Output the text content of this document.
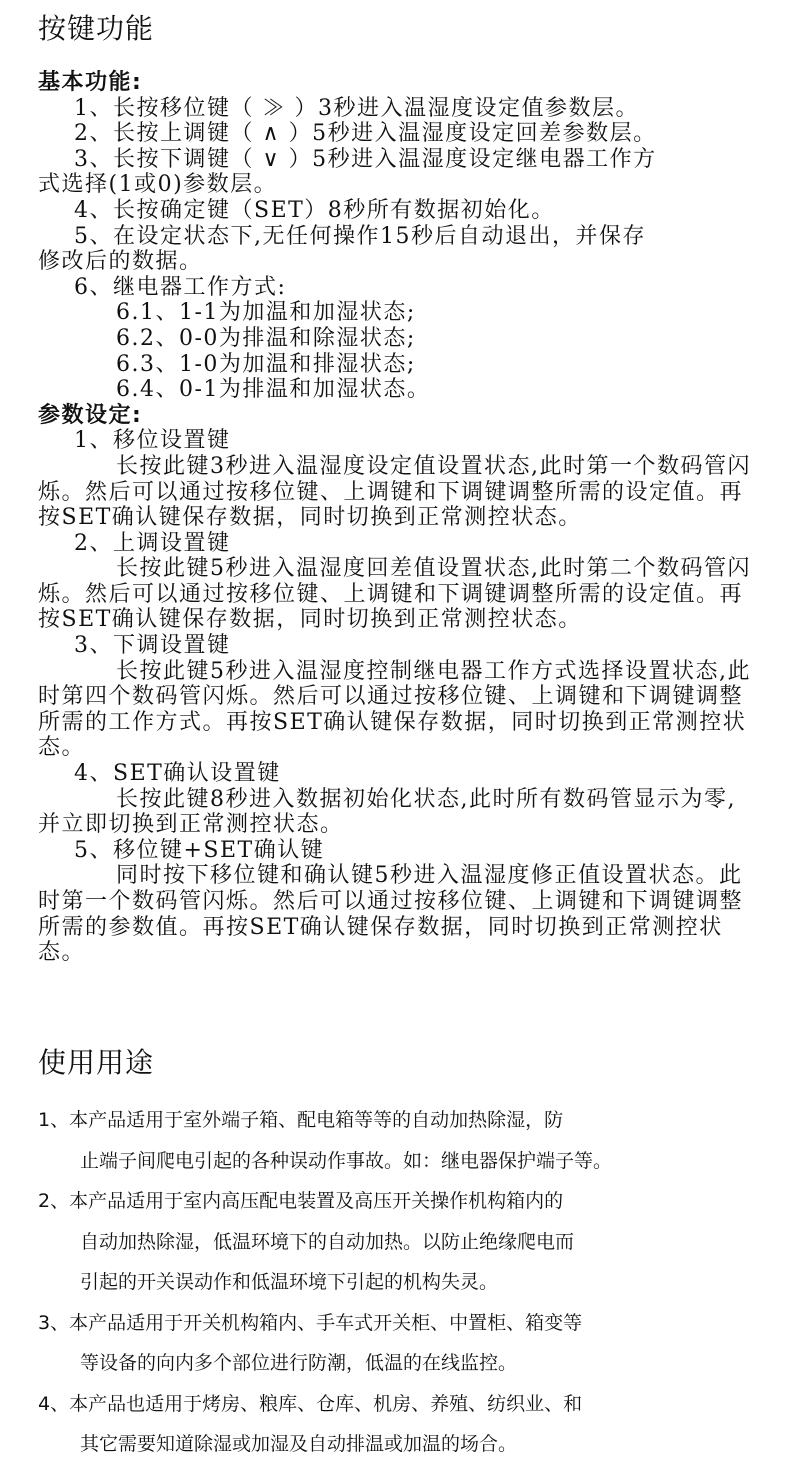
按键功能
基本功能:
1、长按移位键（ ≫ ）3秒进入温湿度设定值参数层。
2、长按上调键（ ∧ ）5秒进入温湿度设定回差参数层。
3、长按下调键（ ∨ ）5秒进入温湿度设定继电器工作方
式选择(1或0)参数层。
4、长按确定键（SET）8秒所有数据初始化。
5、在设定状态下,无任何操作15秒后自动退出，并保存
修改后的数据。
6、继电器工作方式:
6.1、1-1为加温和加湿状态;
6.2、0-0为排温和除湿状态;
6.3、1-0为加温和排湿状态;
6.4、0-1为排温和加湿状态。
参数设定:
1、移位设置键
长按此键3秒进入温湿度设定值设置状态,此时第一个数码管闪烁。然后可以通过按移位键、上调键和下调键调整所需的设定值。再按SET确认键保存数据，同时切换到正常测控状态。
2、上调设置键
长按此键5秒进入温湿度回差值设置状态,此时第二个数码管闪烁。然后可以通过按移位键、上调键和下调键调整所需的设定值。再按SET确认键保存数据，同时切换到正常测控状态。
3、下调设置键
长按此键5秒进入温湿度控制继电器工作方式选择设置状态,此时第四个数码管闪烁。然后可以通过按移位键、上调键和下调键调整所需的工作方式。再按SET确认键保存数据，同时切换到正常测控状态。
4、SET确认设置键
长按此键8秒进入数据初始化状态,此时所有数码管显示为零,并立即切换到正常测控状态。
5、移位键+SET确认键
同时按下移位键和确认键5秒进入温湿度修正值设置状态。此时第一个数码管闪烁。然后可以通过按移位键、上调键和下调键调整所需的参数值。再按SET确认键保存数据，同时切换到正常测控状态。
使用用途
1、本产品适用于室外端子箱、配电箱等等的自动加热除湿，防
止端子间爬电引起的各种误动作事故。如：继电器保护端子等。
2、本产品适用于室内高压配电装置及高压开关操作机构箱内的
自动加热除湿，低温环境下的自动加热。以防止绝缘爬电而
引起的开关误动作和低温环境下引起的机构失灵。
3、本产品适用于开关机构箱内、手车式开关柜、中置柜、箱变等
等设备的向内多个部位进行防潮，低温的在线监控。
4、本产品也适用于烤房、粮库、仓库、机房、养殖、纺织业、和
其它需要知道除湿或加湿及自动排温或加温的场合。
